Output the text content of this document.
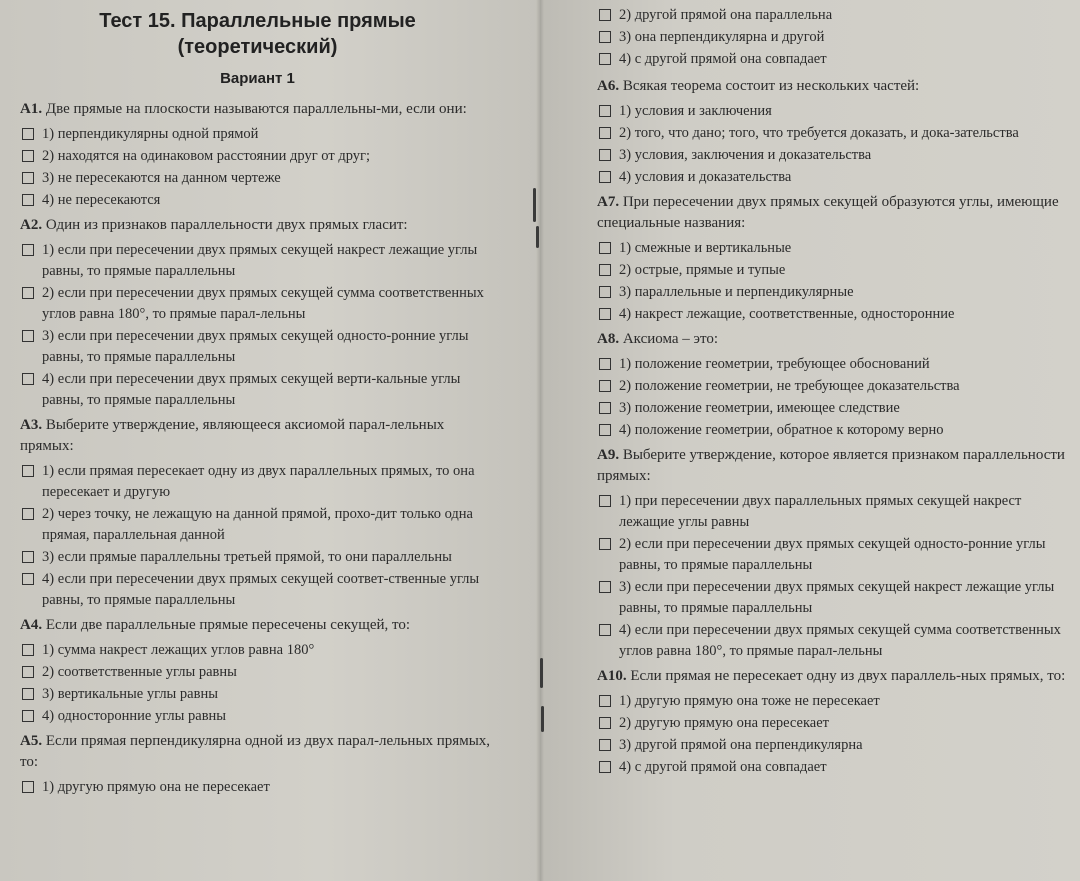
Тест 15. Параллельные прямые
(теоретический)
Вариант 1
A1. Две прямые на плоскости называются параллельны-ми, если они:
1) перпендикулярны одной прямой
2) находятся на одинаковом расстоянии друг от друг;
3) не пересекаются на данном чертеже
4) не пересекаются
A2. Один из признаков параллельности двух прямых гласит:
1) если при пересечении двух прямых секущей накрест лежащие углы равны, то прямые параллельны
2) если при пересечении двух прямых секущей сумма соответственных углов равна 180°, то прямые парал-лельны
3) если при пересечении двух прямых секущей односто-ронние углы равны, то прямые параллельны
4) если при пересечении двух прямых секущей верти-кальные углы равны, то прямые параллельны
A3. Выберите утверждение, являющееся аксиомой парал-лельных прямых:
1) если прямая пересекает одну из двух параллельных прямых, то она пересекает и другую
2) через точку, не лежащую на данной прямой, прохо-дит только одна прямая, параллельная данной
3) если прямые параллельны третьей прямой, то они параллельны
4) если при пересечении двух прямых секущей соответ-ственные углы равны, то прямые параллельны
A4. Если две параллельные прямые пересечены секущей, то:
1) сумма накрест лежащих углов равна 180°
2) соответственные углы равны
3) вертикальные углы равны
4) односторонние углы равны
A5. Если прямая перпендикулярна одной из двух парал-лельных прямых, то:
1) другую прямую она не пересекает
2) другой прямой она параллельна
3) она перпендикулярна и другой
4) с другой прямой она совпадает
A6. Всякая теорема состоит из нескольких частей:
1) условия и заключения
2) того, что дано; того, что требуется доказать, и дока-зательства
3) условия, заключения и доказательства
4) условия и доказательства
A7. При пересечении двух прямых секущей образуются углы, имеющие специальные названия:
1) смежные и вертикальные
2) острые, прямые и тупые
3) параллельные и перпендикулярные
4) накрест лежащие, соответственные, односторонние
A8. Аксиома – это:
1) положение геометрии, требующее обоснований
2) положение геометрии, не требующее доказательства
3) положение геометрии, имеющее следствие
4) положение геометрии, обратное к которому верно
A9. Выберите утверждение, которое является признаком параллельности прямых:
1) при пересечении двух параллельных прямых секущей накрест лежащие углы равны
2) если при пересечении двух прямых секущей односто-ронние углы равны, то прямые параллельны
3) если при пересечении двух прямых секущей накрест лежащие углы равны, то прямые параллельны
4) если при пересечении двух прямых секущей сумма соответственных углов равна 180°, то прямые парал-лельны
A10. Если прямая не пересекает одну из двух параллель-ных прямых, то:
1) другую прямую она тоже не пересекает
2) другую прямую она пересекает
3) другой прямой она перпендикулярна
4) с другой прямой она совпадает
